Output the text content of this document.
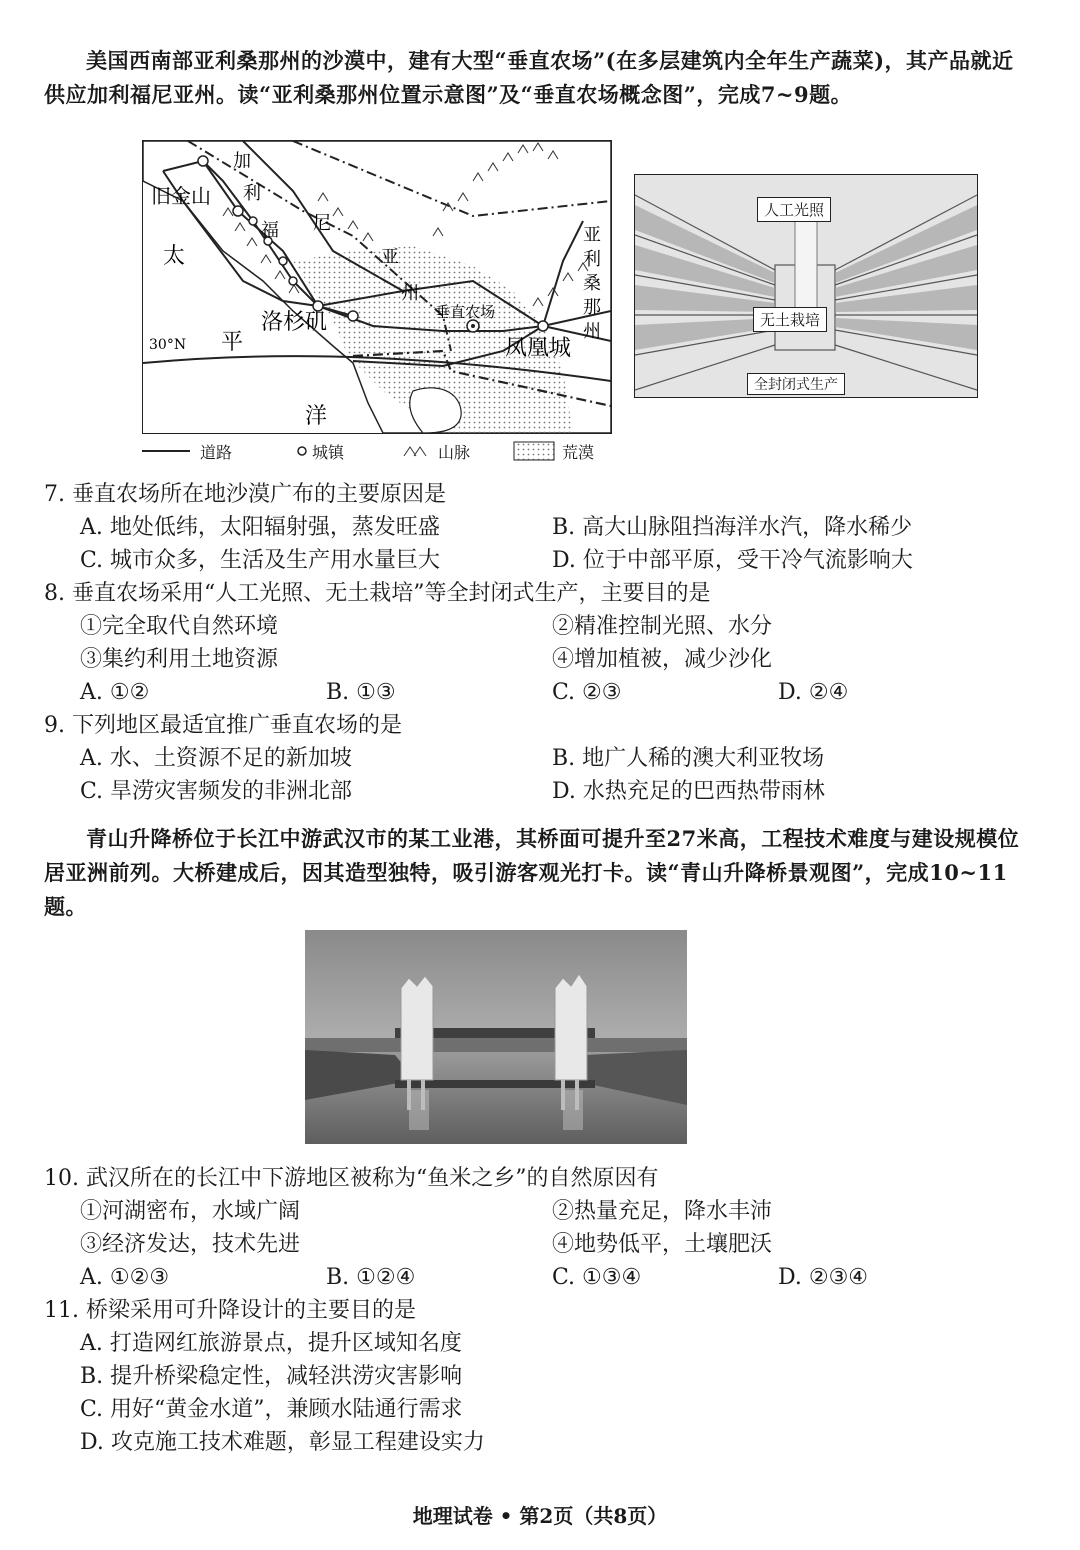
美国西南部亚利桑那州的沙漠中，建有大型“垂直农场”(在多层建筑内全年生产蔬菜)，其产品就近供应加利福尼亚州。读“亚利桑那州位置示意图”及“垂直农场概念图”，完成7~9题。
旧金山
加
利
福 尼
亚
州
亚
利
桑
那
州
垂直农场
洛杉矶
凤凰城
太
平
洋
30°N
道路	城镇	山脉	荒漠
人工光照
无土栽培
全封闭式生产
7. 垂直农场所在地沙漠广布的主要原因是
A. 地处低纬，太阳辐射强，蒸发旺盛	B. 高大山脉阻挡海洋水汽，降水稀少
C. 城市众多，生活及生产用水量巨大	D. 位于中部平原，受干冷气流影响大
8. 垂直农场采用“人工光照、无土栽培”等全封闭式生产，主要目的是
①完全取代自然环境	②精准控制光照、水分
③集约利用土地资源	④增加植被，减少沙化
A. ①②	B. ①③	C. ②③	D. ②④
9. 下列地区最适宜推广垂直农场的是
A. 水、土资源不足的新加坡	B. 地广人稀的澳大利亚牧场
C. 旱涝灾害频发的非洲北部	D. 水热充足的巴西热带雨林
青山升降桥位于长江中游武汉市的某工业港，其桥面可提升至27米高，工程技术难度与建设规模位居亚洲前列。大桥建成后，因其造型独特，吸引游客观光打卡。读“青山升降桥景观图”，完成10~11题。
10. 武汉所在的长江中下游地区被称为“鱼米之乡”的自然原因有
①河湖密布，水域广阔	②热量充足，降水丰沛
③经济发达，技术先进	④地势低平，土壤肥沃
A. ①②③	B. ①②④	C. ①③④	D. ②③④
11. 桥梁采用可升降设计的主要目的是
A. 打造网红旅游景点，提升区域知名度
B. 提升桥梁稳定性，减轻洪涝灾害影响
C. 用好“黄金水道”，兼顾水陆通行需求
D. 攻克施工技术难题，彰显工程建设实力
地理试卷 • 第2页（共8页）
